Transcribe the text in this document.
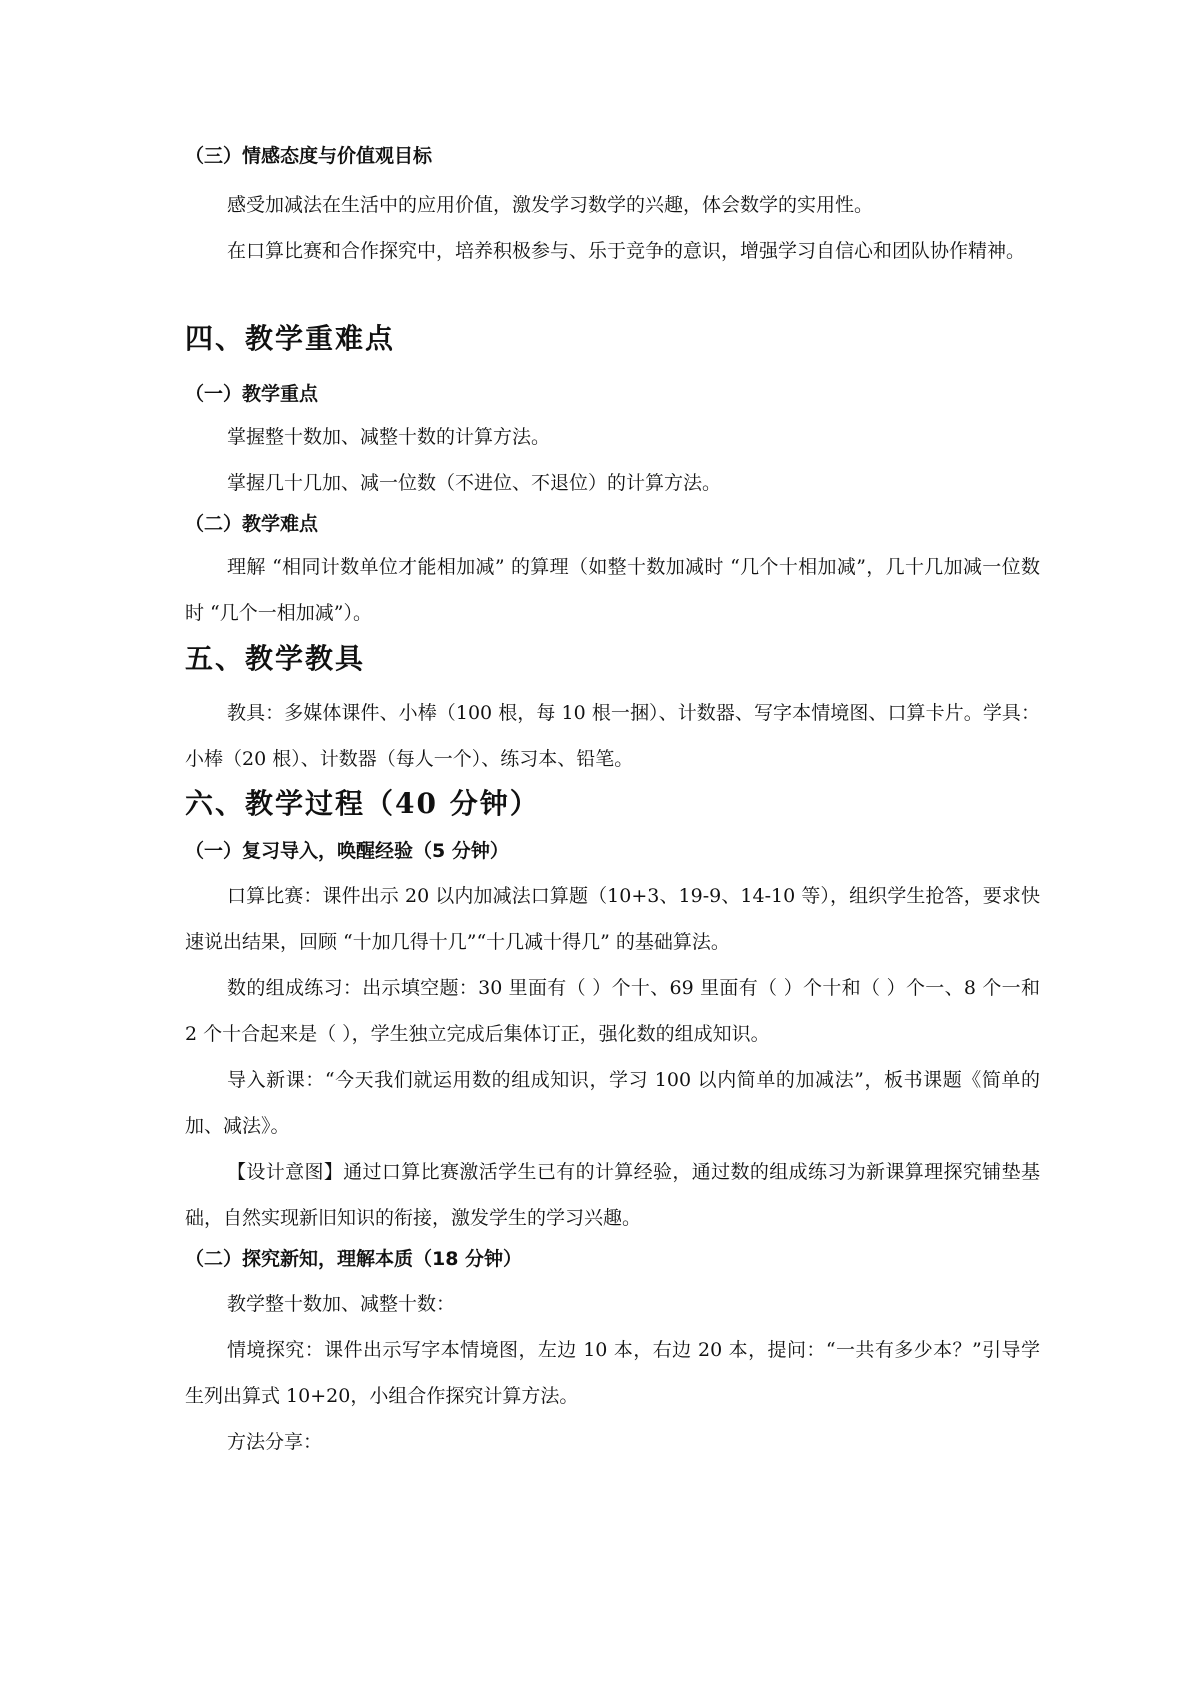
（三）情感态度与价值观目标

感受加减法在生活中的应用价值，激发学习数学的兴趣，体会数学的实用性。

在口算比赛和合作探究中，培养积极参与、乐于竞争的意识，增强学习自信心和团队协作精神。

四、教学重难点

（一）教学重点

掌握整十数加、减整十数的计算方法。

掌握几十几加、减一位数（不进位、不退位）的计算方法。

（二）教学难点

理解 “相同计数单位才能相加减” 的算理（如整十数加减时 “几个十相加减”，几十几加减一位数时 “几个一相加减”）。

五、教学教具

教具：多媒体课件、小棒（100 根，每 10 根一捆）、计数器、写字本情境图、口算卡片。学具：小棒（20 根）、计数器（每人一个）、练习本、铅笔。

六、教学过程（40 分钟）

（一）复习导入，唤醒经验（5 分钟）

口算比赛：课件出示 20 以内加减法口算题（10+3、19-9、14-10 等），组织学生抢答，要求快速说出结果，回顾 “十加几得十几”“十几减十得几” 的基础算法。

数的组成练习：出示填空题：30 里面有（ ）个十、69 里面有（ ）个十和（ ）个一、8 个一和 2 个十合起来是（ ），学生独立完成后集体订正，强化数的组成知识。

导入新课：“今天我们就运用数的组成知识，学习 100 以内简单的加减法”，板书课题《简单的加、减法》。

【设计意图】通过口算比赛激活学生已有的计算经验，通过数的组成练习为新课算理探究铺垫基础，自然实现新旧知识的衔接，激发学生的学习兴趣。

（二）探究新知，理解本质（18 分钟）

教学整十数加、减整十数：

情境探究：课件出示写字本情境图，左边 10 本，右边 20 本，提问：“一共有多少本？”引导学生列出算式 10+20，小组合作探究计算方法。

方法分享：
